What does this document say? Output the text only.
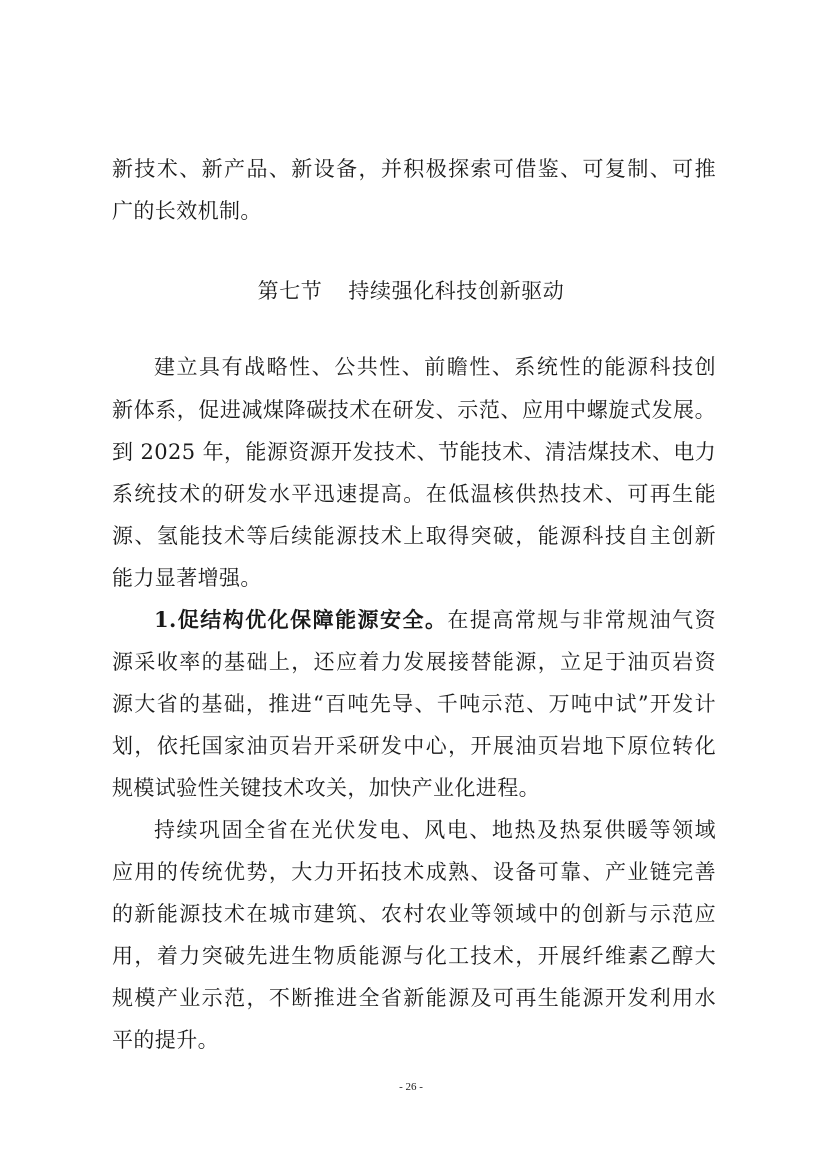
新技术、新产品、新设备，并积极探索可借鉴、可复制、可推
广的长效机制。
第七节 持续强化科技创新驱动
建立具有战略性、公共性、前瞻性、系统性的能源科技创
新体系，促进减煤降碳技术在研发、示范、应用中螺旋式发展。
到 2025 年，能源资源开发技术、节能技术、清洁煤技术、电力
系统技术的研发水平迅速提高。在低温核供热技术、可再生能
源、氢能技术等后续能源技术上取得突破，能源科技自主创新
能力显著增强。
1.促结构优化保障能源安全。在提高常规与非常规油气资
源采收率的基础上，还应着力发展接替能源，立足于油页岩资
源大省的基础，推进“百吨先导、千吨示范、万吨中试”开发计
划，依托国家油页岩开采研发中心，开展油页岩地下原位转化
规模试验性关键技术攻关，加快产业化进程。
持续巩固全省在光伏发电、风电、地热及热泵供暖等领域
应用的传统优势，大力开拓技术成熟、设备可靠、产业链完善
的新能源技术在城市建筑、农村农业等领域中的创新与示范应
用，着力突破先进生物质能源与化工技术，开展纤维素乙醇大
规模产业示范，不断推进全省新能源及可再生能源开发利用水
平的提升。
- 26 -
